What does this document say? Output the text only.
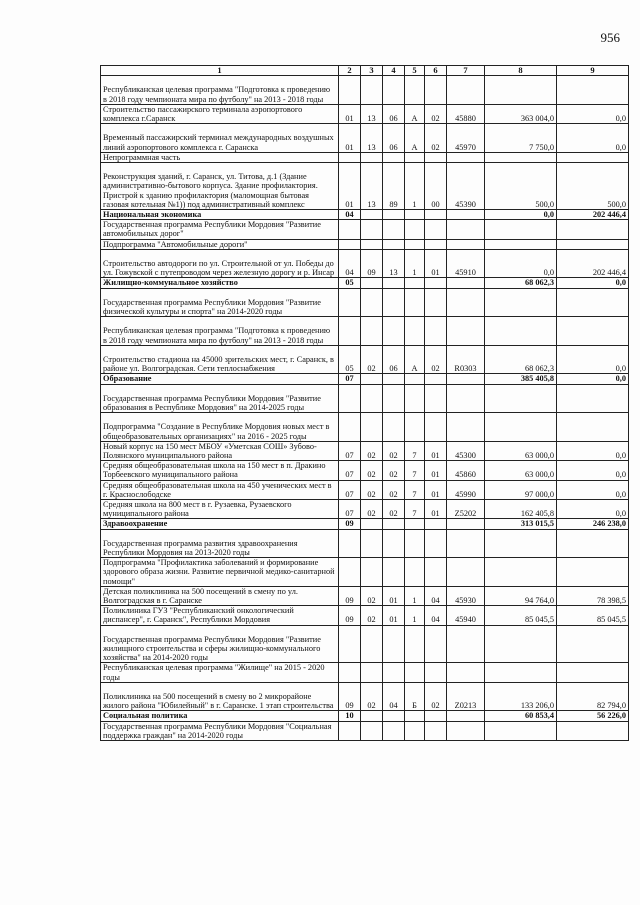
956
1	2	3	4	5	6	7	8	9
Республиканская целевая программа "Подготовка к проведению в 2018 году чемпионата мира по футболу" на 2013 - 2018 годы								
Строительство пассажирского терминала аэропортового комплекса г.Саранск	01	13	06	А	02	45880	363 004,0	0,0
Временный пассажирский терминал международных воздушных линий аэропортового комплекса г. Саранска	01	13	06	А	02	45970	7 750,0	0,0
Непрограммная часть								
Реконструкция зданий, г. Саранск, ул. Титова, д.1 (Здание административно-бытового корпуса. Здание профилактория. Пристрой к зданию профилактория (маломощная бытовая газовая котельная №1)) под административный комплекс	01	13	89	1	00	45390	500,0	500,0
Национальная экономика	04						0,0	202 446,4
Государственная программа Республики Мордовия "Развитие автомобильных дорог"								
Подпрограмма "Автомобильные дороги"								
Строительство автодороги по ул. Строительной от ул. Победы до ул. Гожувской с путепроводом через железную дорогу и р. Инсар	04	09	13	1	01	45910	0,0	202 446,4
Жилищно-коммунальное хозяйство	05						68 062,3	0,0
Государственная программа Республики Мордовия "Развитие физической культуры и спорта" на 2014-2020 годы								
Республиканская целевая программа "Подготовка к проведению в 2018 году чемпионата мира по футболу" на 2013 - 2018 годы								
Строительство стадиона на 45000 зрительских мест, г. Саранск, в районе ул. Волгоградская. Сети теплоснабжения	05	02	06	А	02	R0303	68 062,3	0,0
Образование	07						385 405,8	0,0
Государственная программа Республики Мордовия "Развитие образования в Республике Мордовия" на 2014-2025 годы								
Подпрограмма "Создание в Республике Мордовия новых мест в общеобразовательных организациях" на 2016 - 2025 годы								
Новый корпус на 150 мест МБОУ «Уметская СОШ» Зубово-Полянского муниципального района	07	02	02	7	01	45300	63 000,0	0,0
Средняя общеобразовательная школа на 150 мест в п. Дракино Торбеевского муниципального района	07	02	02	7	01	45860	63 000,0	0,0
Средняя общеобразовательная школа на 450 ученических мест в г. Краснослободске	07	02	02	7	01	45990	97 000,0	0,0
Средняя школа на 800 мест в г. Рузаевка, Рузаевского муниципального района	07	02	02	7	01	Z5202	162 405,8	0,0
Здравоохранение	09						313 015,5	246 238,0
Государственная программа развития здравоохранения Республики Мордовия на 2013-2020 годы								
Подпрограмма "Профилактика заболеваний и формирование здорового образа жизни. Развитие первичной медико-санитарной помощи"								
Детская поликлиника на 500 посещений в смену по ул. Волгоградская в г. Саранске	09	02	01	1	04	45930	94 764,0	78 398,5
Поликлиника ГУЗ "Республиканский онкологический диспансер", г. Саранск", Республики Мордовия	09	02	01	1	04	45940	85 045,5	85 045,5
Государственная программа Республики Мордовия "Развитие жилищного строительства и сферы жилищно-коммунального хозяйства" на 2014-2020 годы								
Республиканская целевая программа "Жилище" на 2015 - 2020 годы								
Поликлиника на 500 посещений в смену во 2 микрорайоне жилого района "Юбилейный" в г. Саранске. 1 этап строительства	09	02	04	Б	02	Z0213	133 206,0	82 794,0
Социальная политика	10						60 853,4	56 226,0
Государственная программа Республики Мордовия "Социальная поддержка граждан" на 2014-2020 годы								
